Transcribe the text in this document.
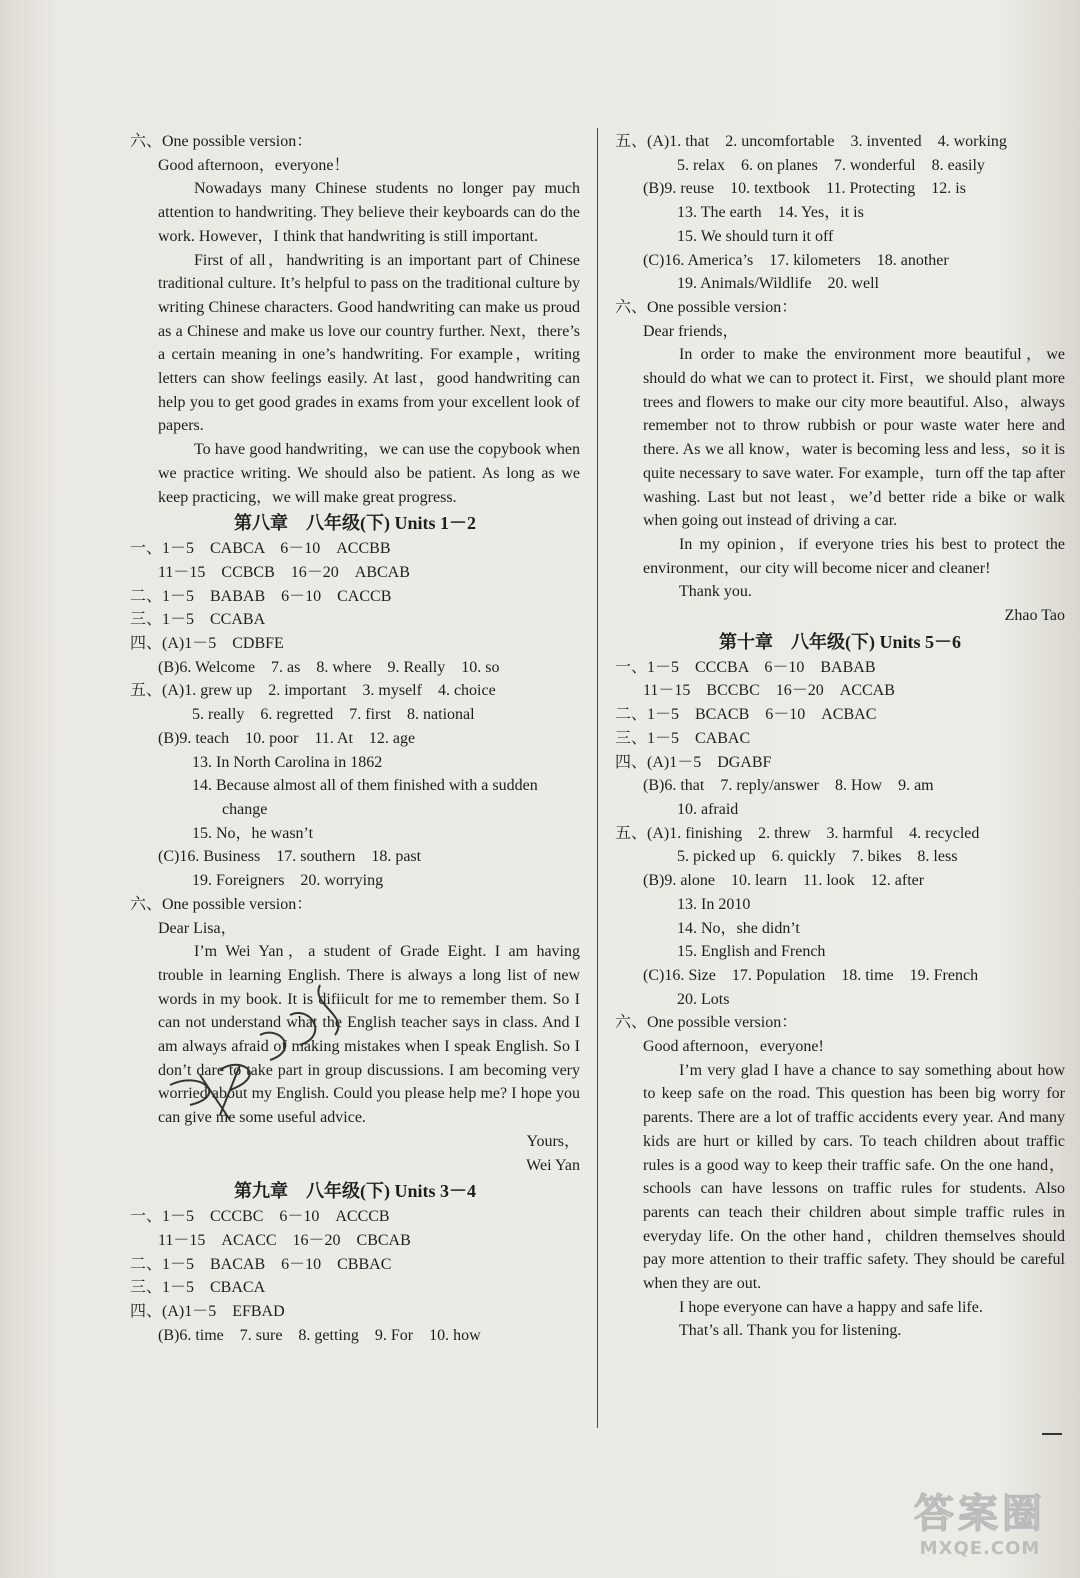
六、One possible version：
Good afternoon，everyone！

Nowadays many Chinese students no longer pay much attention to handwriting. They believe their keyboards can do the work. However，I think that handwriting is still important.

First of all，handwriting is an important part of Chinese traditional culture. It’s helpful to pass on the traditional culture by writing Chinese characters. Good handwriting can make us proud as a Chinese and make us love our country further. Next，there’s a certain meaning in one’s handwriting. For example，writing letters can show feelings easily. At last，good handwriting can help you to get good grades in exams from your excellent look of papers.

To have good handwriting，we can use the copybook when we practice writing. We should also be patient. As long as we keep practicing，we will make great progress.

第八章　八年级(下) Units 1－2
一、1－5　CABCA　6－10　ACCBB
11－15　CCBCB　16－20　ABCAB
二、1－5　BABAB　6－10　CACCB
三、1－5　CCABA
四、(A)1－5　CDBFE
(B)6. Welcome　7. as　8. where　9. Really　10. so
五、(A)1. grew up　2. important　3. myself　4. choice
5. really　6. regretted　7. first　8. national
(B)9. teach　10. poor　11. At　12. age
13. In North Carolina in 1862
14. Because almost all of them finished with a sudden
change
15. No，he wasn’t
(C)16. Business　17. southern　18. past
19. Foreigners　20. worrying
六、One possible version：
Dear Lisa，

I’m Wei Yan，a student of Grade Eight. I am having trouble in learning English. There is always a long list of new words in my book. It is difiicult for me to remember them. So I can not understand what the English teacher says in class. And I am always afraid of making mistakes when I speak English. So I don’t dare to take part in group discussions. I am becoming very worried about my English. Could you please help me? I hope you can give me some useful advice.

Yours，
Wei Yan
第九章　八年级(下) Units 3－4
一、1－5　CCCBC　6－10　ACCCB
11－15　ACACC　16－20　CBCAB
二、1－5　BACAB　6－10　CBBAC
三、1－5　CBACA
四、(A)1－5　EFBAD
(B)6. time　7. sure　8. getting　9. For　10. how
五、(A)1. that　2. uncomfortable　3. invented　4. working
5. relax　6. on planes　7. wonderful　8. easily
(B)9. reuse　10. textbook　11. Protecting　12. is
13. The earth　14. Yes，it is
15. We should turn it off
(C)16. America’s　17. kilometers　18. another
19. Animals/Wildlife　20. well
六、One possible version：
Dear friends，

In order to make the environment more beautiful，we should do what we can to protect it. First，we should plant more trees and flowers to make our city more beautiful. Also，always remember not to throw rubbish or pour waste water here and there. As we all know，water is becoming less and less，so it is quite necessary to save water. For example，turn off the tap after washing. Last but not least，we’d better ride a bike or walk when going out instead of driving a car.

In my opinion，if everyone tries his best to protect the environment，our city will become nicer and cleaner!

Thank you.

Zhao Tao
第十章　八年级(下) Units 5－6
一、1－5　CCCBA　6－10　BABAB
11－15　BCCBC　16－20　ACCAB
二、1－5　BCACB　6－10　ACBAC
三、1－5　CABAC
四、(A)1－5　DGABF
(B)6. that　7. reply/answer　8. How　9. am
10. afraid
五、(A)1. finishing　2. threw　3. harmful　4. recycled
5. picked up　6. quickly　7. bikes　8. less
(B)9. alone　10. learn　11. look　12. after
13. In 2010
14. No，she didn’t
15. English and French
(C)16. Size　17. Population　18. time　19. French
20. Lots
六、One possible version：
Good afternoon，everyone!

I’m very glad I have a chance to say something about how to keep safe on the road. This question has been big worry for parents. There are a lot of traffic accidents every year. And many kids are hurt or killed by cars. To teach children about traffic rules is a good way to keep their traffic safe. On the one hand，schools can have lessons on traffic rules for students. Also parents can teach their children about simple traffic rules in everyday life. On the other hand，children themselves should pay more attention to their traffic safety. They should be careful when they are out.

I hope everyone can have a happy and safe life.

That’s all. Thank you for listening.

答案圈
MXQE.COM
